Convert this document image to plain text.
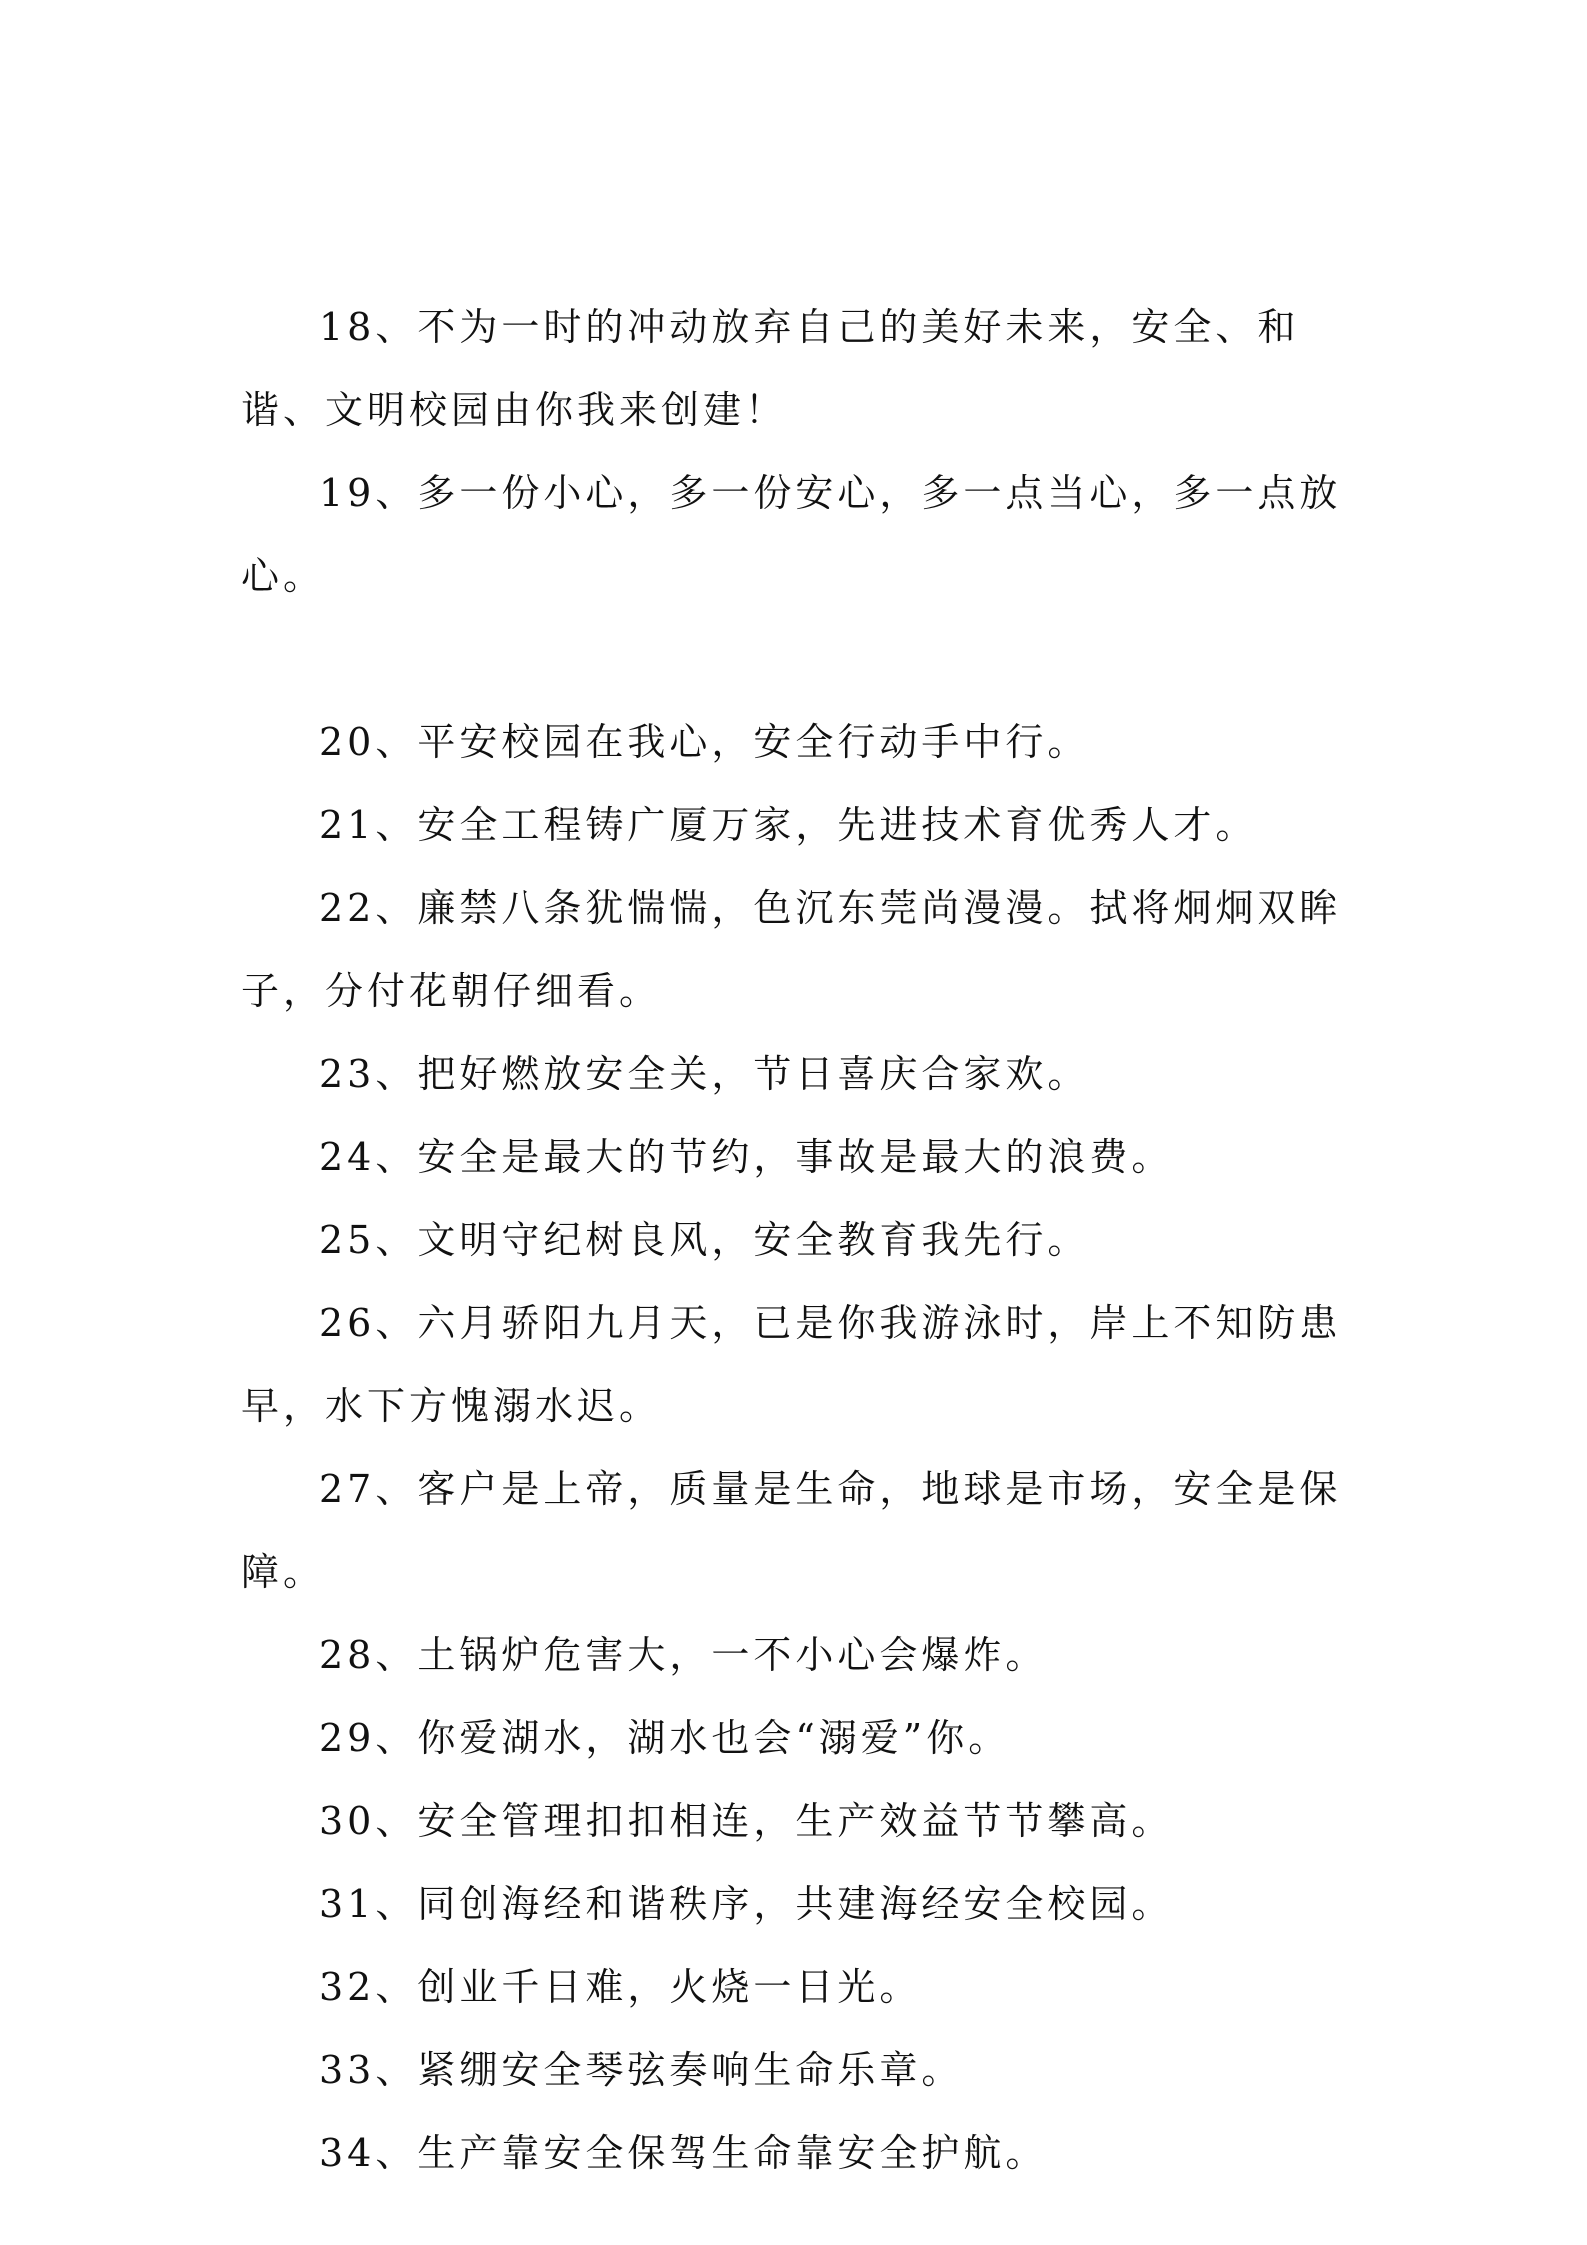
18、不为一时的冲动放弃自己的美好未来，安全、和谐、文明校园由你我来创建！

19、多一份小心，多一份安心，多一点当心，多一点放心。

20、平安校园在我心，安全行动手中行。

21、安全工程铸广厦万家，先进技术育优秀人才。

22、廉禁八条犹惴惴，色沉东莞尚漫漫。拭将炯炯双眸子，分付花朝仔细看。

23、把好燃放安全关，节日喜庆合家欢。

24、安全是最大的节约，事故是最大的浪费。

25、文明守纪树良风，安全教育我先行。

26、六月骄阳九月天，已是你我游泳时，岸上不知防患早，水下方愧溺水迟。

27、客户是上帝，质量是生命，地球是市场，安全是保障。

28、土锅炉危害大，一不小心会爆炸。

29、你爱湖水，湖水也会“溺爱”你。

30、安全管理扣扣相连，生产效益节节攀高。

31、同创海经和谐秩序，共建海经安全校园。

32、创业千日难，火烧一日光。

33、紧绷安全琴弦奏响生命乐章。

34、生产靠安全保驾生命靠安全护航。
